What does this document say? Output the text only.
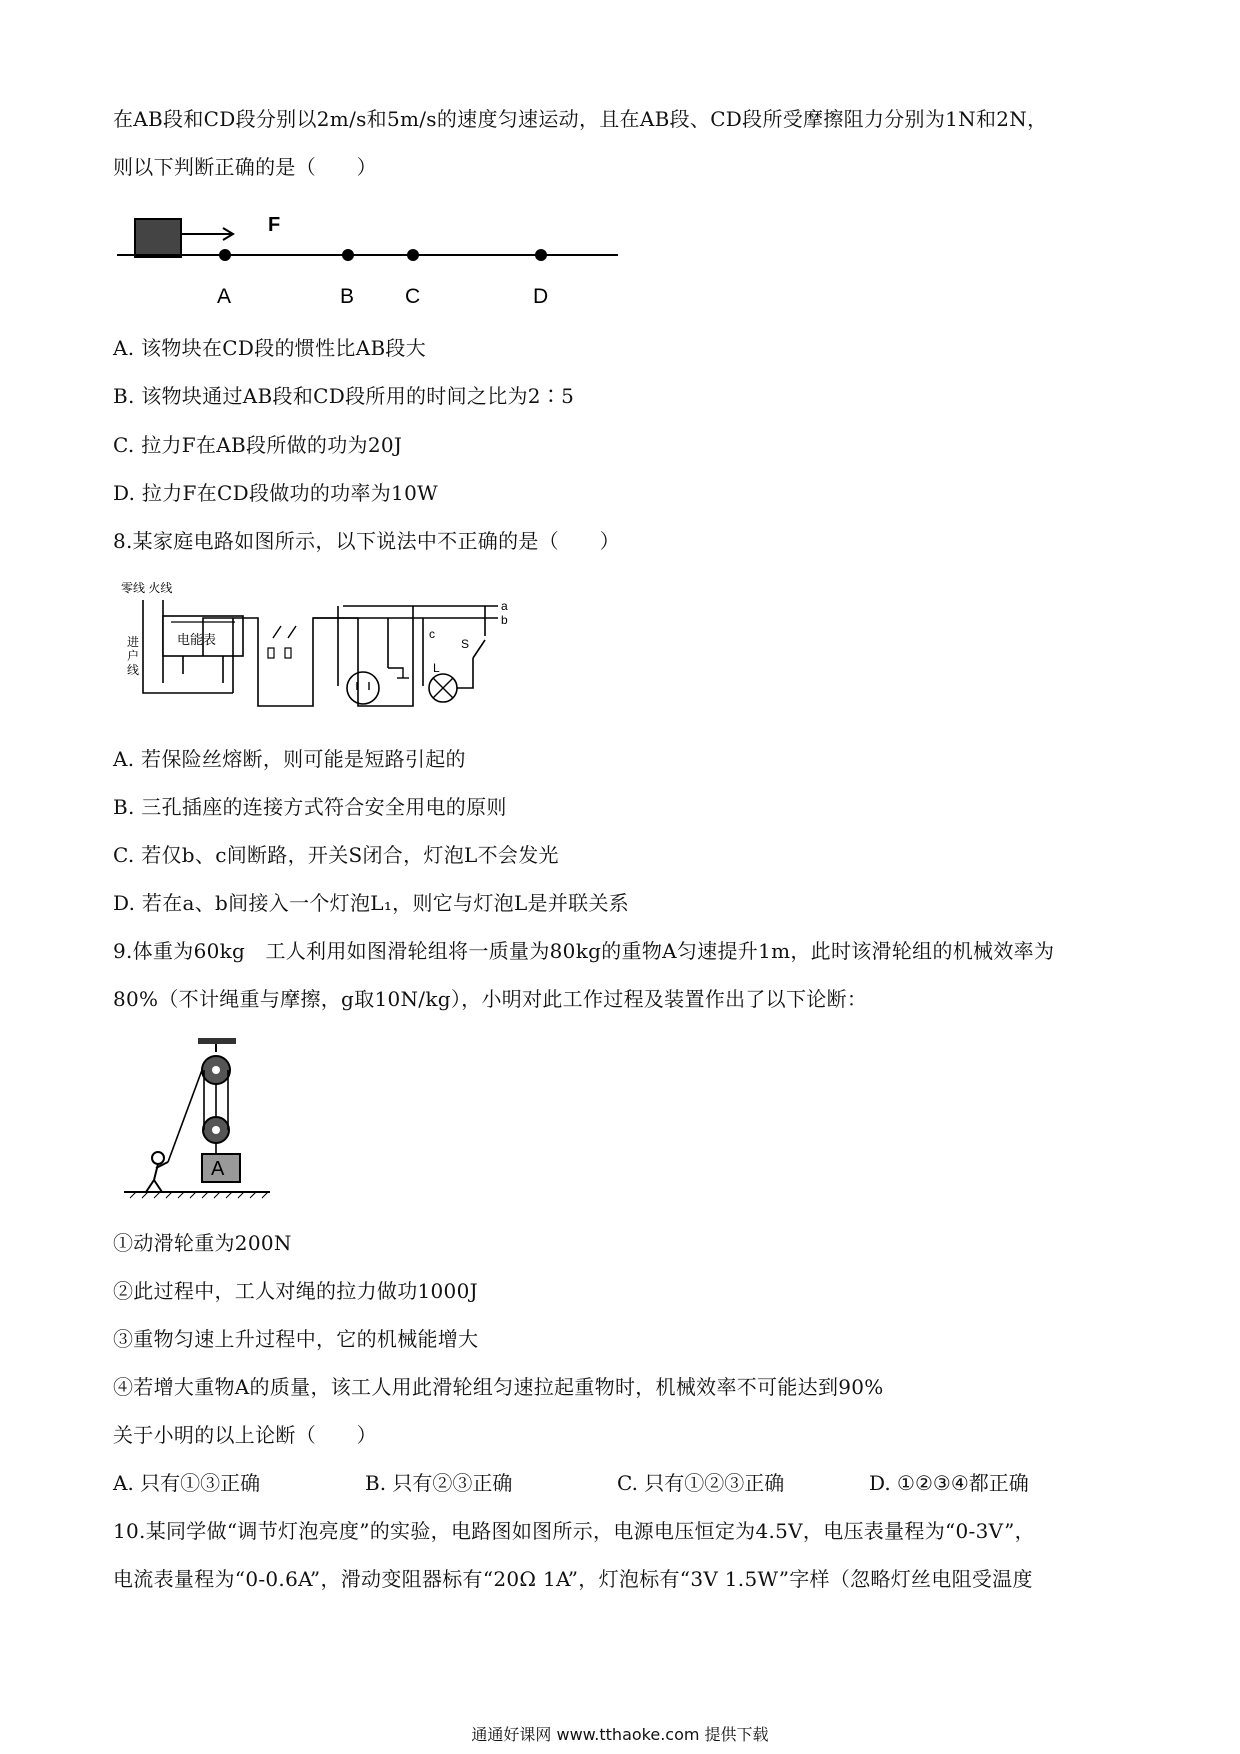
在AB段和CD段分别以2m/s和5m/s的速度匀速运动，且在AB段、CD段所受摩擦阻力分别为1N和2N，
则以下判断正确的是（　　）
F
A	B C	D
A. 该物块在CD段的惯性比AB段大
B. 该物块通过AB段和CD段所用的时间之比为2∶5
C. 拉力F在AB段所做的功为20J
D. 拉力F在CD段做功的功率为10W
8.某家庭电路如图所示，以下说法中不正确的是（　　）
零线 火线
进
户
线
电能表
a
b
c
L
S
A. 若保险丝熔断，则可能是短路引起的
B. 三孔插座的连接方式符合安全用电的原则
C. 若仅b、c间断路，开关S闭合，灯泡L不会发光
D. 若在a、b间接入一个灯泡L₁，则它与灯泡L是并联关系
9.体重为60kg　工人利用如图滑轮组将一质量为80kg的重物A匀速提升1m，此时该滑轮组的机械效率为
80%（不计绳重与摩擦，g取10N/kg），小明对此工作过程及装置作出了以下论断：
A
①动滑轮重为200N
②此过程中，工人对绳的拉力做功1000J
③重物匀速上升过程中，它的机械能增大
④若增大重物A的质量，该工人用此滑轮组匀速拉起重物时，机械效率不可能达到90%
关于小明的以上论断（　　）
A. 只有①③正确	B. 只有②③正确	C. 只有①②③正确	D. ①②③④都正确
10.某同学做“调节灯泡亮度”的实验，电路图如图所示，电源电压恒定为4.5V，电压表量程为“0-3V”，
电流表量程为“0-0.6A”，滑动变阻器标有“20Ω 1A”，灯泡标有“3V 1.5W”字样（忽略灯丝电阻受温度
通通好课网 www.tthaoke.com 提供下载
